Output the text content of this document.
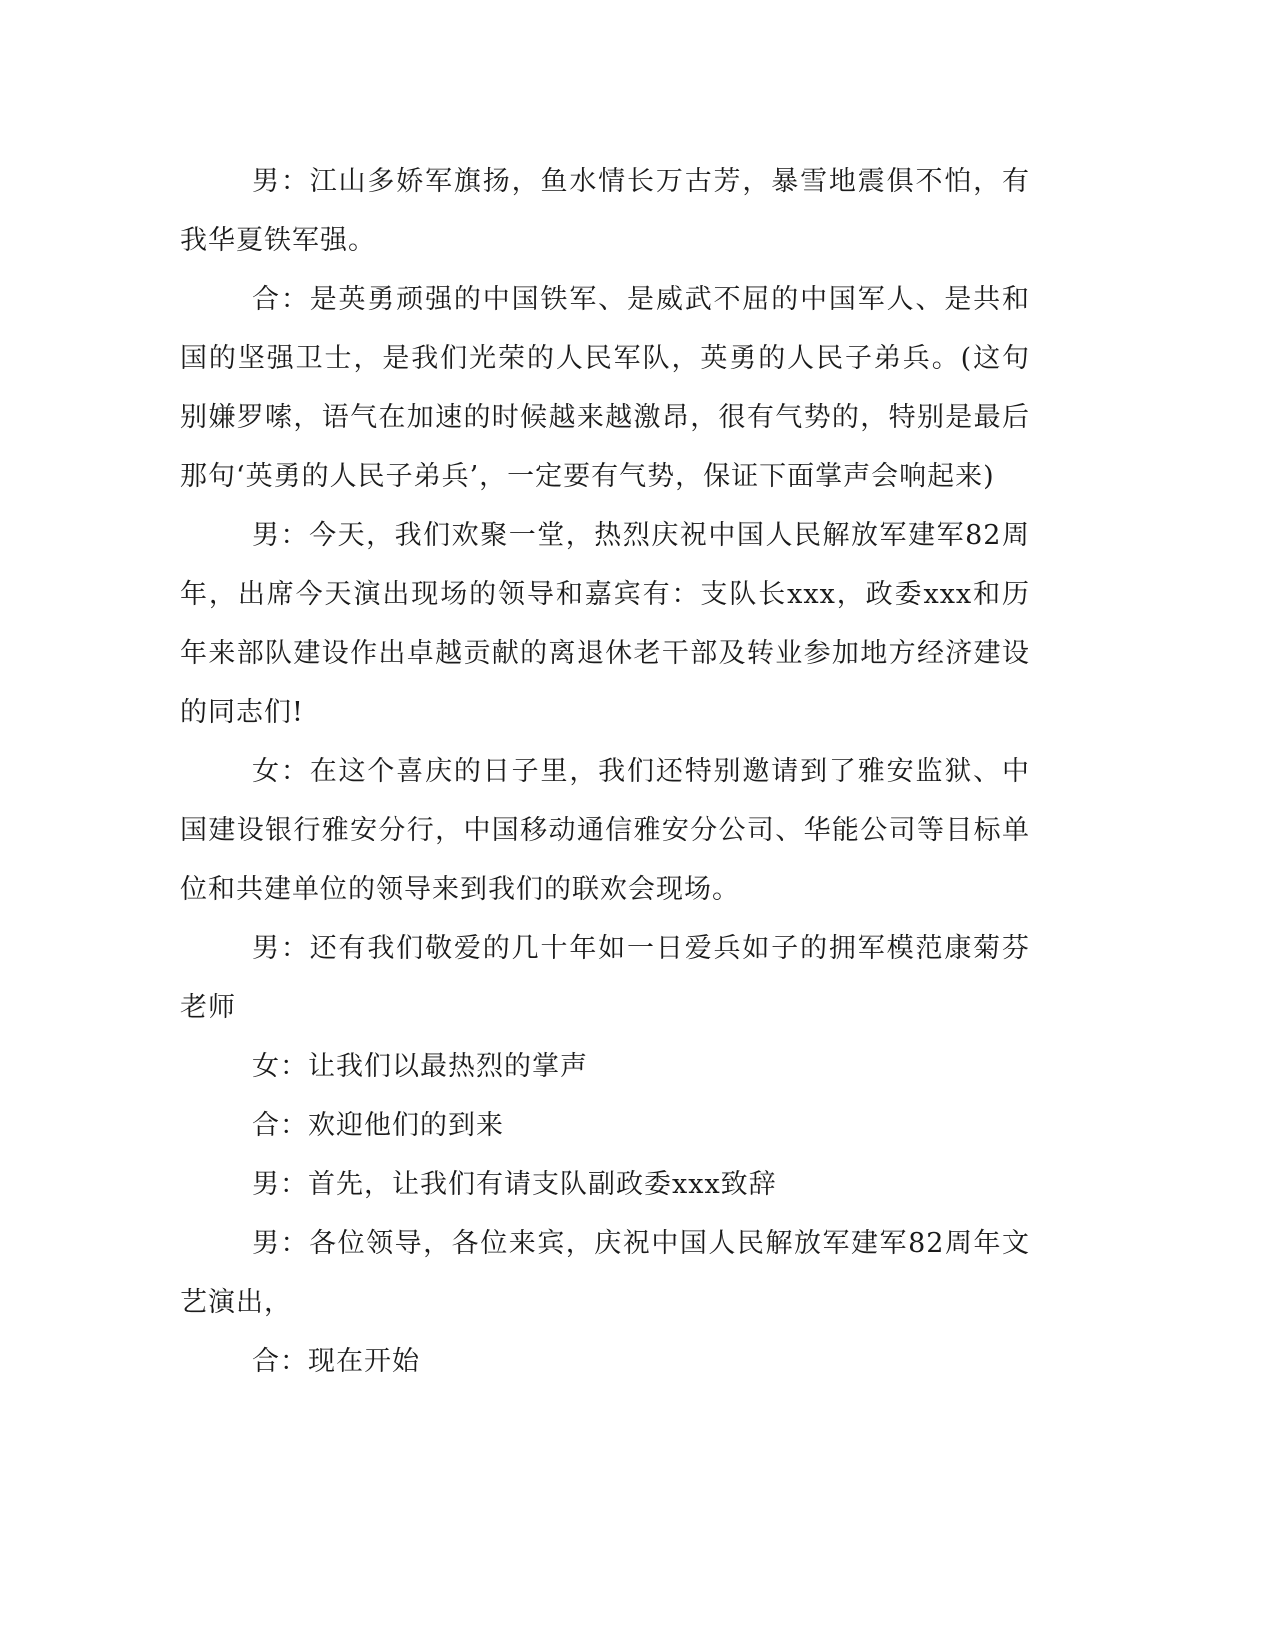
男：江山多娇军旗扬，鱼水情长万古芳，暴雪地震俱不怕，有我华夏铁军强。

合：是英勇顽强的中国铁军、是威武不屈的中国军人、是共和国的坚强卫士，是我们光荣的人民军队，英勇的人民子弟兵。(这句别嫌罗嗦，语气在加速的时候越来越激昂，很有气势的，特别是最后那句‘英勇的人民子弟兵’，一定要有气势，保证下面掌声会响起来)

男：今天，我们欢聚一堂，热烈庆祝中国人民解放军建军82周年，出席今天演出现场的领导和嘉宾有：支队长xxx，政委xxx和历年来部队建设作出卓越贡献的离退休老干部及转业参加地方经济建设的同志们!

女：在这个喜庆的日子里，我们还特别邀请到了雅安监狱、中国建设银行雅安分行，中国移动通信雅安分公司、华能公司等目标单位和共建单位的领导来到我们的联欢会现场。

男：还有我们敬爱的几十年如一日爱兵如子的拥军模范康菊芬老师

女：让我们以最热烈的掌声

合：欢迎他们的到来

男：首先，让我们有请支队副政委xxx致辞

男：各位领导，各位来宾，庆祝中国人民解放军建军82周年文艺演出，

合：现在开始
